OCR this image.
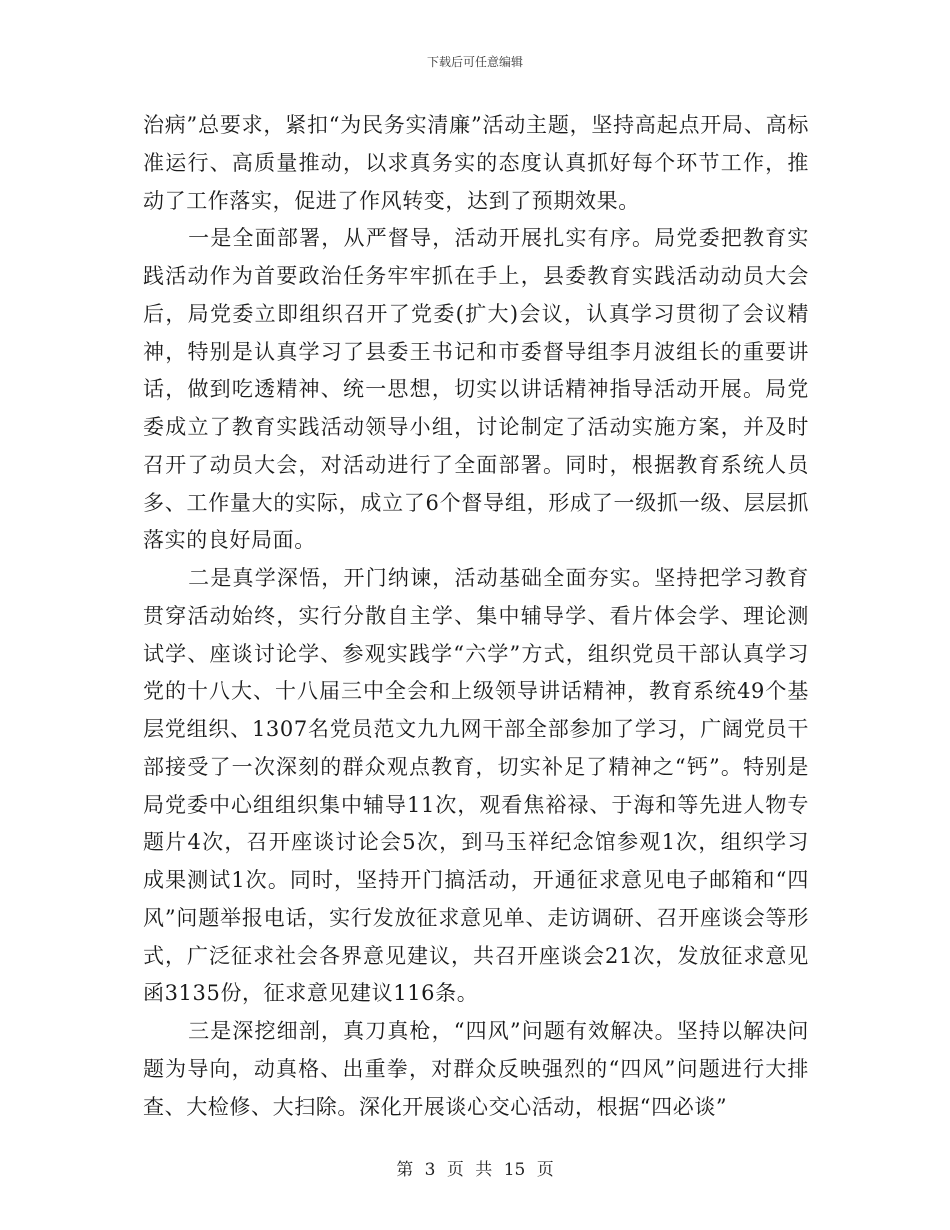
下载后可任意编辑

治病”总要求，紧扣“为民务实清廉”活动主题，坚持高起点开局、高标准运行、高质量推动，以求真务实的态度认真抓好每个环节工作，推动了工作落实，促进了作风转变，达到了预期效果。

一是全面部署，从严督导，活动开展扎实有序。局党委把教育实践活动作为首要政治任务牢牢抓在手上，县委教育实践活动动员大会后，局党委立即组织召开了党委(扩大)会议，认真学习贯彻了会议精神，特别是认真学习了县委王书记和市委督导组李月波组长的重要讲话，做到吃透精神、统一思想，切实以讲话精神指导活动开展。局党委成立了教育实践活动领导小组，讨论制定了活动实施方案，并及时召开了动员大会，对活动进行了全面部署。同时，根据教育系统人员多、工作量大的实际，成立了6个督导组，形成了一级抓一级、层层抓落实的良好局面。

二是真学深悟，开门纳谏，活动基础全面夯实。坚持把学习教育贯穿活动始终，实行分散自主学、集中辅导学、看片体会学、理论测试学、座谈讨论学、参观实践学“六学”方式，组织党员干部认真学习党的十八大、十八届三中全会和上级领导讲话精神，教育系统49个基层党组织、1307名党员范文九九网干部全部参加了学习，广阔党员干部接受了一次深刻的群众观点教育，切实补足了精神之“钙”。特别是局党委中心组组织集中辅导11次，观看焦裕禄、于海和等先进人物专题片4次，召开座谈讨论会5次，到马玉祥纪念馆参观1次，组织学习成果测试1次。同时，坚持开门搞活动，开通征求意见电子邮箱和“四风”问题举报电话，实行发放征求意见单、走访调研、召开座谈会等形式，广泛征求社会各界意见建议，共召开座谈会21次，发放征求意见函3135份，征求意见建议116条。

三是深挖细剖，真刀真枪，“四风”问题有效解决。坚持以解决问题为导向，动真格、出重拳，对群众反映强烈的“四风”问题进行大排查、大检修、大扫除。深化开展谈心交心活动，根据“四必谈”

第 3 页 共 15 页
